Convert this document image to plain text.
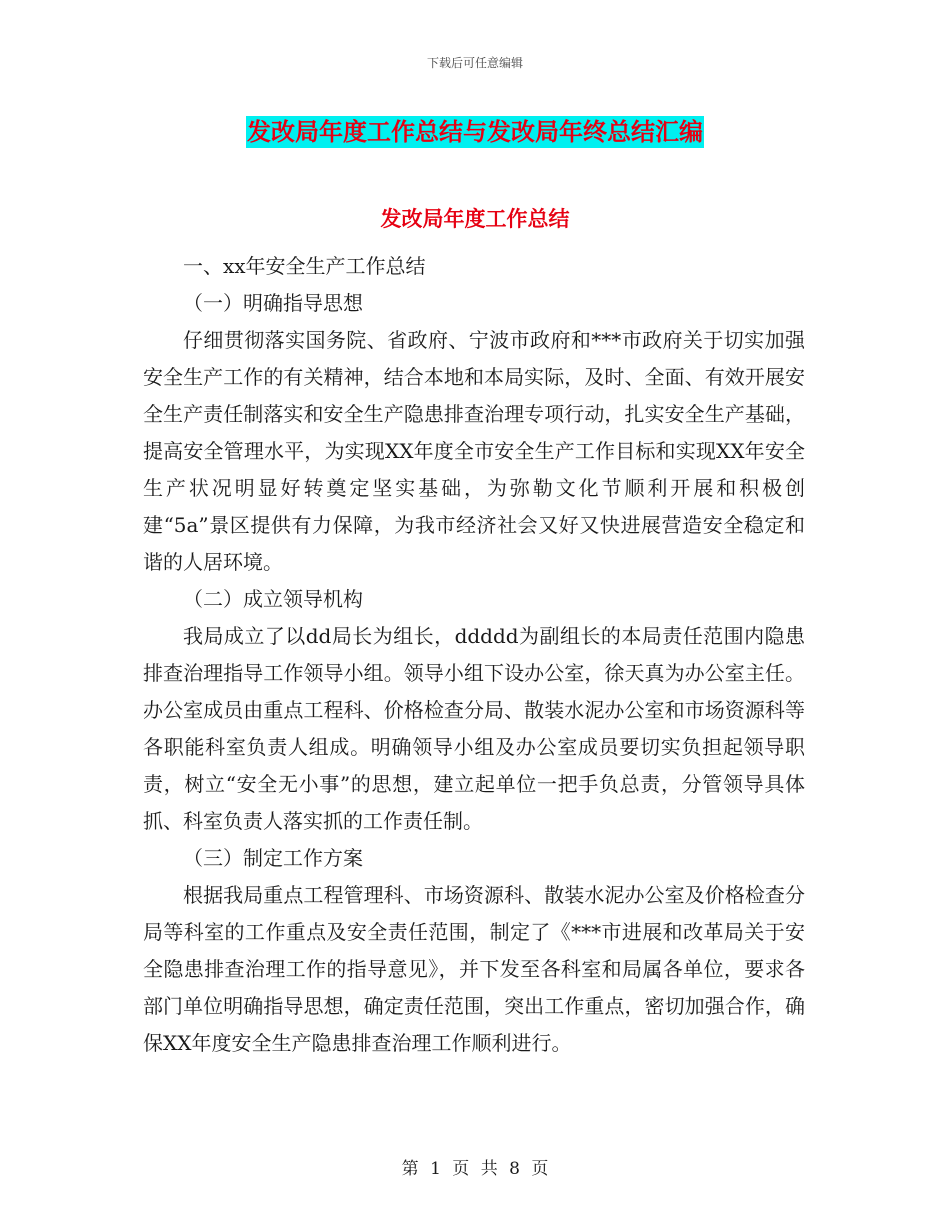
下载后可任意编辑
发改局年度工作总结与发改局年终总结汇编
发改局年度工作总结

一、xx年安全生产工作总结

（一）明确指导思想

仔细贯彻落实国务院、省政府、宁波市政府和***市政府关于切实加强安全生产工作的有关精神，结合本地和本局实际，及时、全面、有效开展安全生产责任制落实和安全生产隐患排查治理专项行动，扎实安全生产基础，提高安全管理水平，为实现XX年度全市安全生产工作目标和实现XX年安全生产状况明显好转奠定坚实基础，为弥勒文化节顺利开展和积极创建“5a”景区提供有力保障，为我市经济社会又好又快进展营造安全稳定和谐的人居环境。

（二）成立领导机构

我局成立了以dd局长为组长，ddddd为副组长的本局责任范围内隐患排查治理指导工作领导小组。领导小组下设办公室，徐天真为办公室主任。办公室成员由重点工程科、价格检查分局、散装水泥办公室和市场资源科等各职能科室负责人组成。明确领导小组及办公室成员要切实负担起领导职责，树立“安全无小事”的思想，建立起单位一把手负总责，分管领导具体抓、科室负责人落实抓的工作责任制。

（三）制定工作方案

根据我局重点工程管理科、市场资源科、散装水泥办公室及价格检查分局等科室的工作重点及安全责任范围，制定了《***市进展和改革局关于安全隐患排查治理工作的指导意见》，并下发至各科室和局属各单位，要求各部门单位明确指导思想，确定责任范围，突出工作重点，密切加强合作，确保XX年度安全生产隐患排查治理工作顺利进行。

第 1 页 共 8 页
